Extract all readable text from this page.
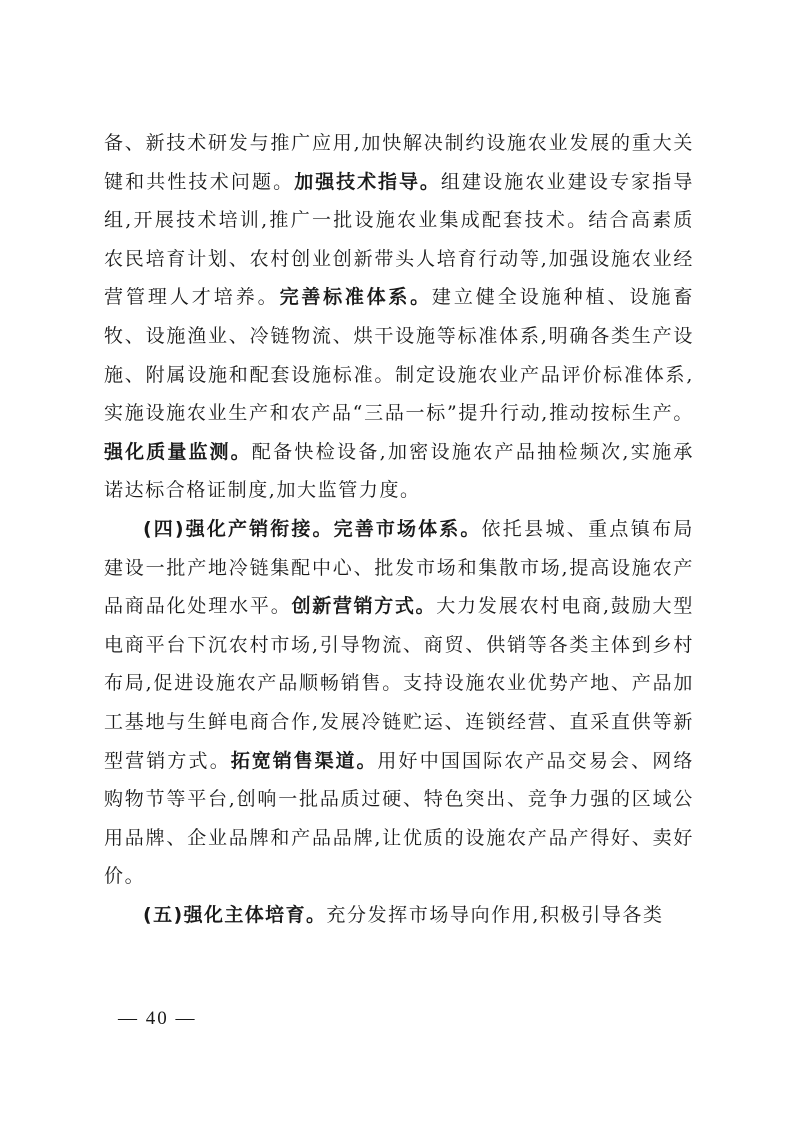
备、新技术研发与推广应用,加快解决制约设施农业发展的重大关键和共性技术问题。加强技术指导。组建设施农业建设专家指导组,开展技术培训,推广一批设施农业集成配套技术。结合高素质农民培育计划、农村创业创新带头人培育行动等,加强设施农业经营管理人才培养。完善标准体系。建立健全设施种植、设施畜牧、设施渔业、冷链物流、烘干设施等标准体系,明确各类生产设施、附属设施和配套设施标准。制定设施农业产品评价标准体系,实施设施农业生产和农产品“三品一标”提升行动,推动按标生产。强化质量监测。配备快检设备,加密设施农产品抽检频次,实施承诺达标合格证制度,加大监管力度。

(四)强化产销衔接。完善市场体系。依托县城、重点镇布局建设一批产地冷链集配中心、批发市场和集散市场,提高设施农产品商品化处理水平。创新营销方式。大力发展农村电商,鼓励大型电商平台下沉农村市场,引导物流、商贸、供销等各类主体到乡村布局,促进设施农产品顺畅销售。支持设施农业优势产地、产品加工基地与生鲜电商合作,发展冷链贮运、连锁经营、直采直供等新型营销方式。拓宽销售渠道。用好中国国际农产品交易会、网络购物节等平台,创响一批品质过硬、特色突出、竞争力强的区域公用品牌、企业品牌和产品品牌,让优质的设施农产品产得好、卖好价。

(五)强化主体培育。充分发挥市场导向作用,积极引导各类

— 40 —
